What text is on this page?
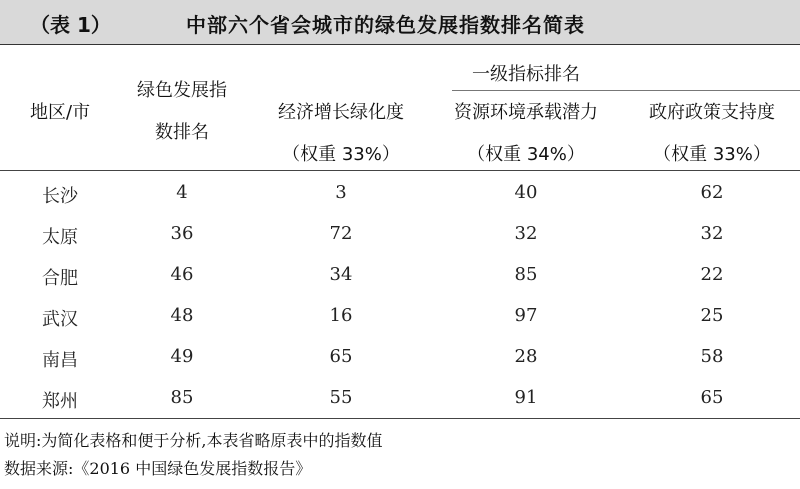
（表 1）	中部六个省会城市的绿色发展指数排名简表
地区/市
绿色发展指
数排名
一级指标排名
经济增长绿化度	资源环境承载潜力	政府政策支持度
（权重 33%）	（权重 34%）	（权重 33%）
长沙	4	3	40	62
太原	36	72	32	32
合肥	46	34	85	22
武汉	48	16	97	25
南昌	49	65	28	58
郑州	85	55	91	65
说明:为简化表格和便于分析,本表省略原表中的指数值
数据来源:《2016 中国绿色发展指数报告》
